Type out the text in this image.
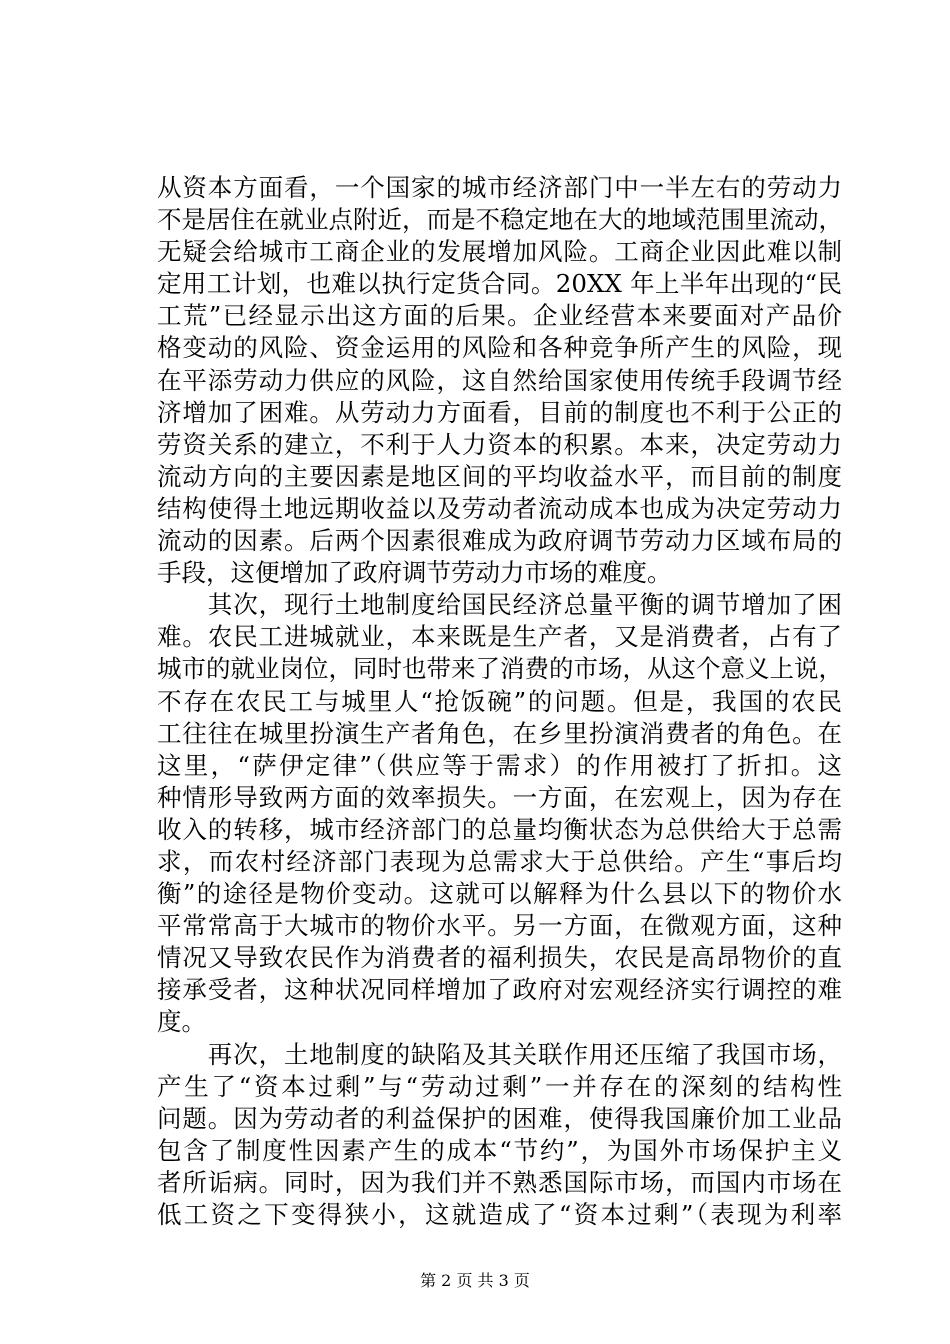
从资本方面看，一个国家的城市经济部门中一半左右的劳动力
不是居住在就业点附近，而是不稳定地在大的地域范围里流动，
无疑会给城市工商企业的发展增加风险。工商企业因此难以制
定用工计划，也难以执行定货合同。20XX 年上半年出现的“民
工荒”已经显示出这方面的后果。企业经营本来要面对产品价
格变动的风险、资金运用的风险和各种竞争所产生的风险，现
在平添劳动力供应的风险，这自然给国家使用传统手段调节经
济增加了困难。从劳动力方面看，目前的制度也不利于公正的
劳资关系的建立，不利于人力资本的积累。本来，决定劳动力
流动方向的主要因素是地区间的平均收益水平，而目前的制度
结构使得土地远期收益以及劳动者流动成本也成为决定劳动力
流动的因素。后两个因素很难成为政府调节劳动力区域布局的
手段，这便增加了政府调节劳动力市场的难度。
　　其次，现行土地制度给国民经济总量平衡的调节增加了困
难。农民工进城就业，本来既是生产者，又是消费者，占有了
城市的就业岗位，同时也带来了消费的市场，从这个意义上说，
不存在农民工与城里人“抢饭碗”的问题。但是，我国的农民
工往往在城里扮演生产者角色，在乡里扮演消费者的角色。在
这里，“萨伊定律”（供应等于需求）的作用被打了折扣。这
种情形导致两方面的效率损失。一方面，在宏观上，因为存在
收入的转移，城市经济部门的总量均衡状态为总供给大于总需
求，而农村经济部门表现为总需求大于总供给。产生“事后均
衡”的途径是物价变动。这就可以解释为什么县以下的物价水
平常常高于大城市的物价水平。另一方面，在微观方面，这种
情况又导致农民作为消费者的福利损失，农民是高昂物价的直
接承受者，这种状况同样增加了政府对宏观经济实行调控的难
度。
　　再次，土地制度的缺陷及其关联作用还压缩了我国市场，
产生了“资本过剩”与“劳动过剩”一并存在的深刻的结构性
问题。因为劳动者的利益保护的困难，使得我国廉价加工业品
包含了制度性因素产生的成本“节约”，为国外市场保护主义
者所诟病。同时，因为我们并不熟悉国际市场，而国内市场在
低工资之下变得狭小，这就造成了“资本过剩”（表现为利率
第 2 页 共 3 页
